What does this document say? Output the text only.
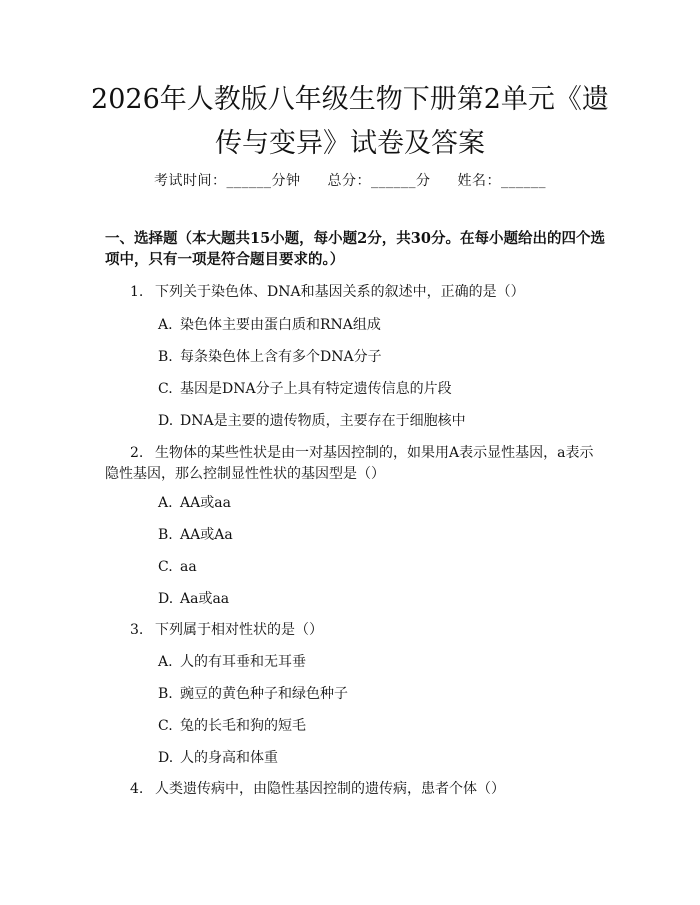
2026年人教版八年级生物下册第2单元《遗
传与变异》试卷及答案
考试时间：______分钟 总分：______分 姓名：______
一、选择题（本大题共15小题，每小题2分，共30分。在每小题给出的四个选项中，只有一项是符合题目要求的。）
1. 下列关于染色体、DNA和基因关系的叙述中，正确的是（）
A. 染色体主要由蛋白质和RNA组成
B. 每条染色体上含有多个DNA分子
C. 基因是DNA分子上具有特定遗传信息的片段
D. DNA是主要的遗传物质，主要存在于细胞核中
2. 生物体的某些性状是由一对基因控制的，如果用A表示显性基因，a表示隐性基因，那么控制显性性状的基因型是（）
A. AA或aa
B. AA或Aa
C. aa
D. Aa或aa
3. 下列属于相对性状的是（）
A. 人的有耳垂和无耳垂
B. 豌豆的黄色种子和绿色种子
C. 兔的长毛和狗的短毛
D. 人的身高和体重
4. 人类遗传病中，由隐性基因控制的遗传病，患者个体（）
